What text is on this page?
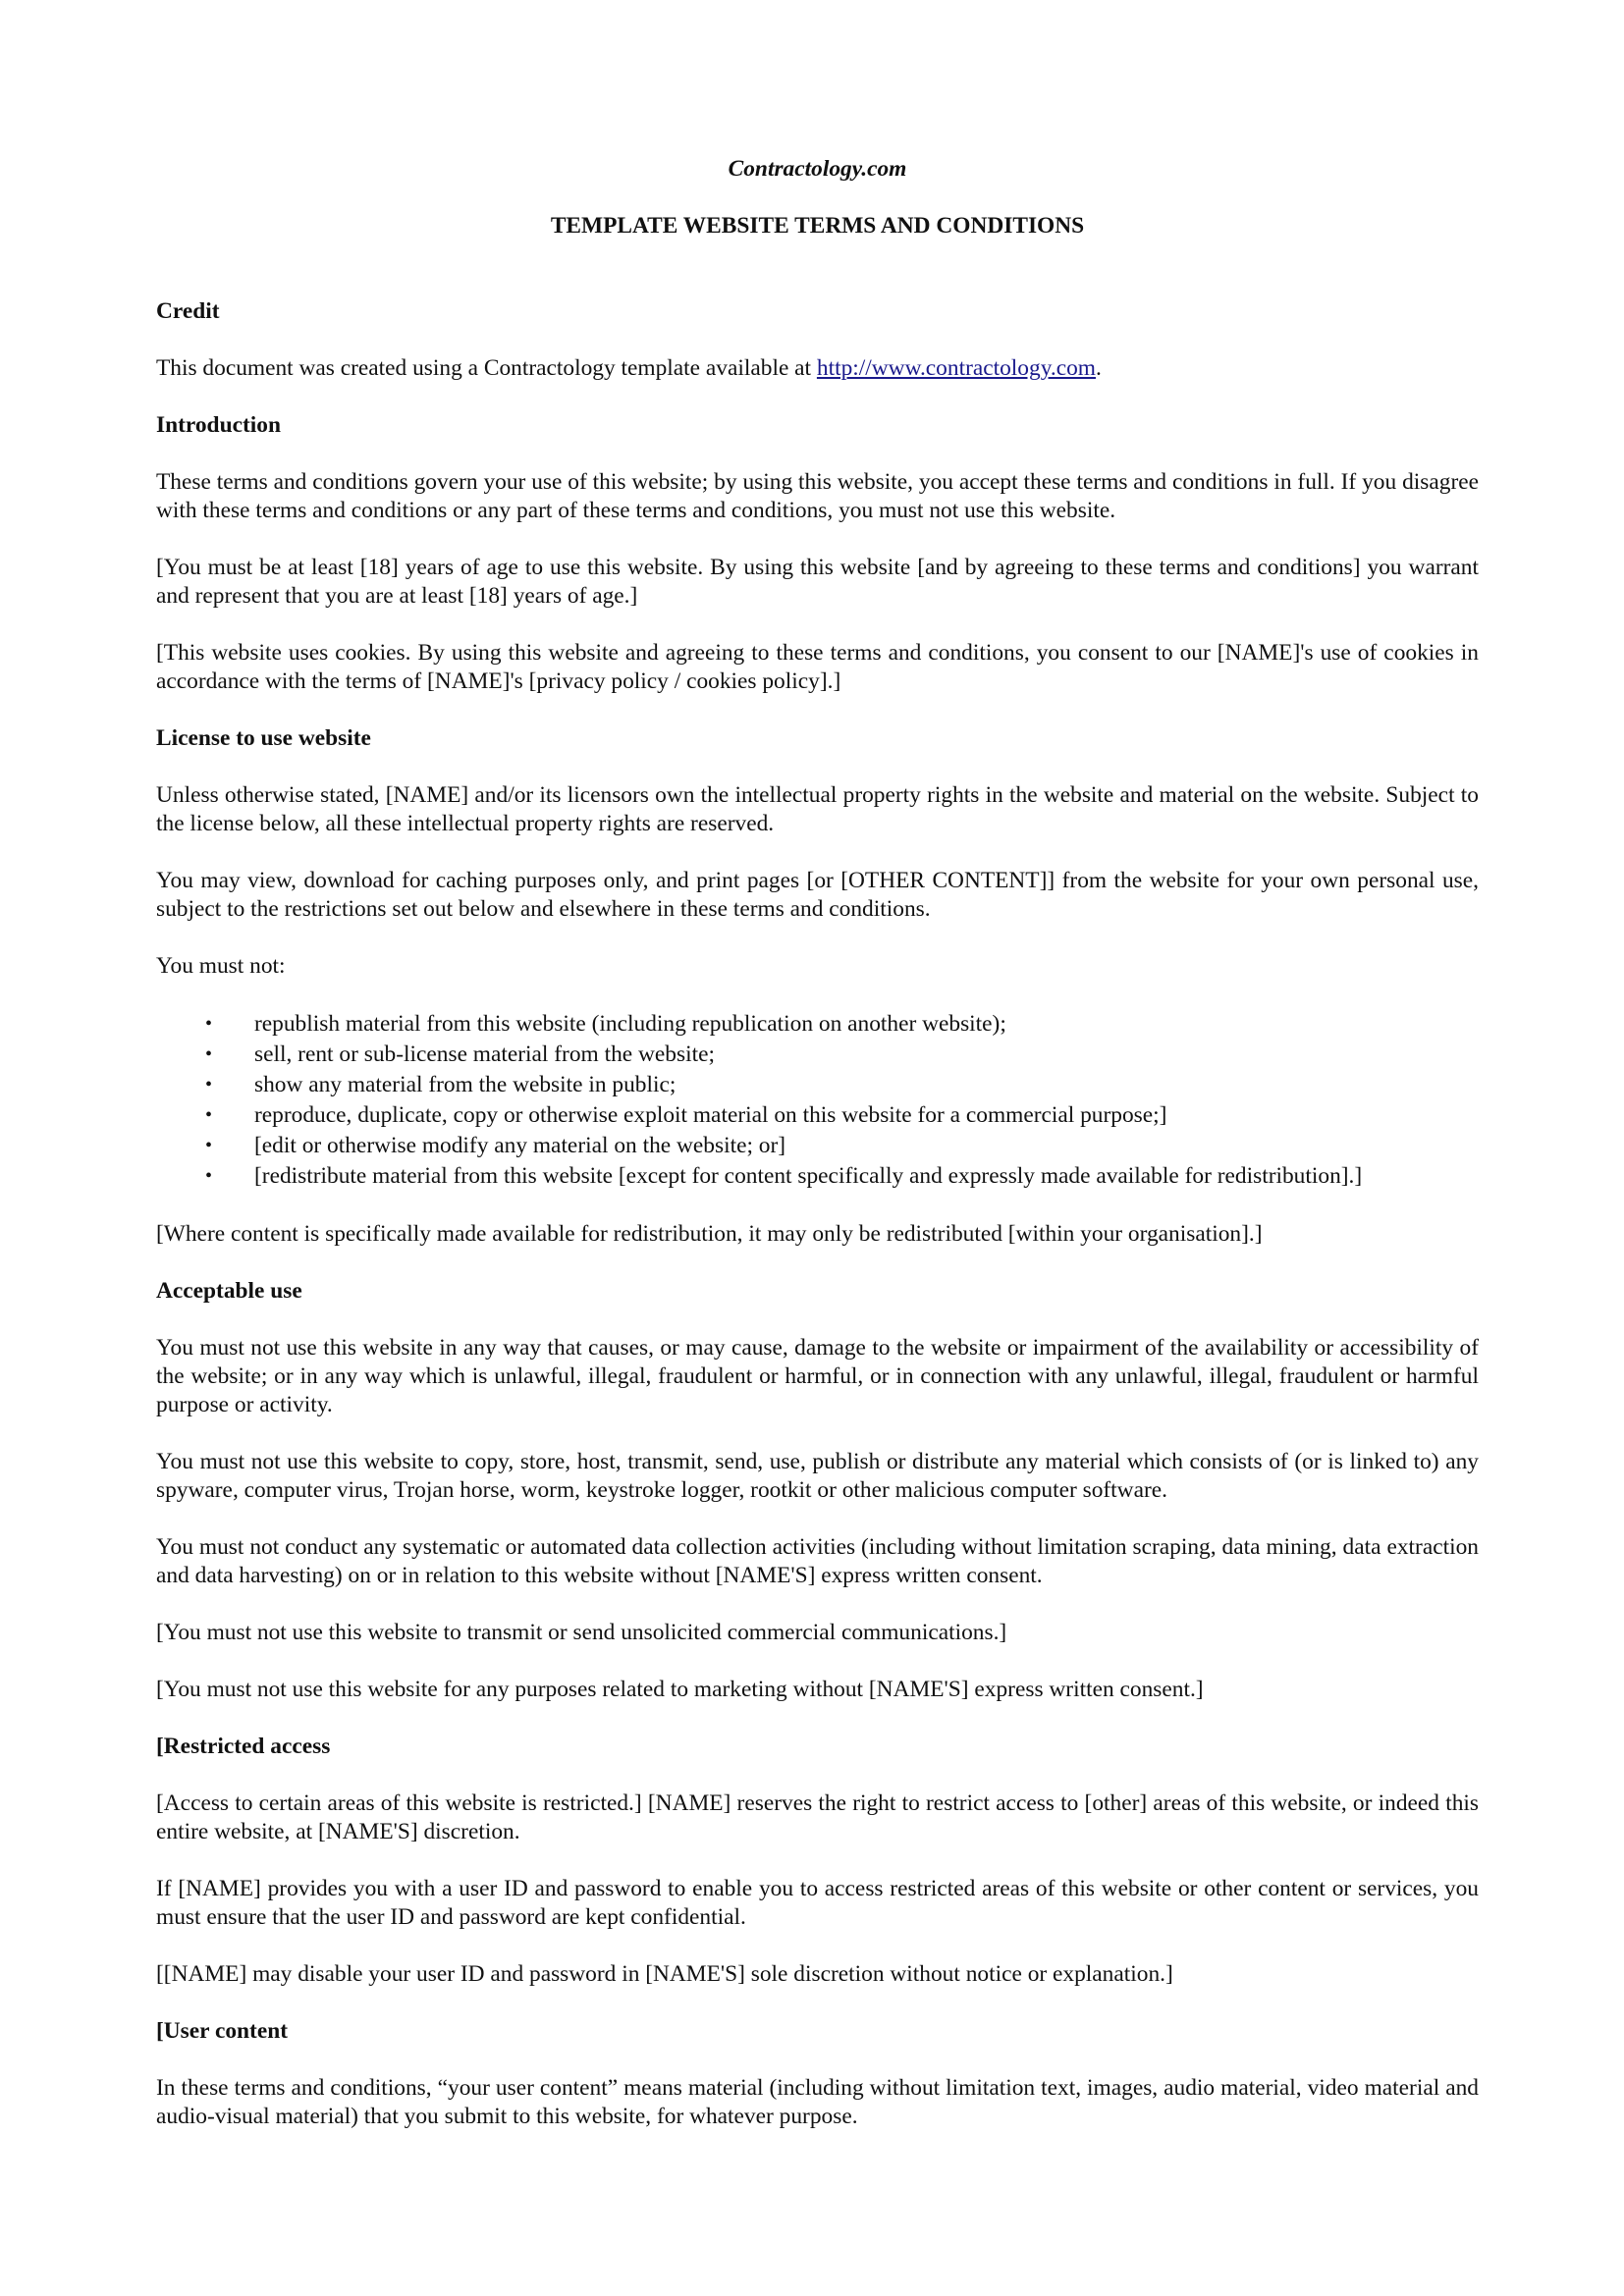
Contractology.com
TEMPLATE WEBSITE TERMS AND CONDITIONS
Credit

This document was created using a Contractology template available at http://www.contractology.com.

Introduction

These terms and conditions govern your use of this website; by using this website, you accept these terms and conditions in full. If you disagree with these terms and conditions or any part of these terms and conditions, you must not use this website.

[You must be at least [18] years of age to use this website. By using this website [and by agreeing to these terms and conditions] you warrant and represent that you are at least [18] years of age.]

[This website uses cookies. By using this website and agreeing to these terms and conditions, you consent to our [NAME]'s use of cookies in accordance with the terms of [NAME]'s [privacy policy / cookies policy].]

License to use website

Unless otherwise stated, [NAME] and/or its licensors own the intellectual property rights in the website and material on the website. Subject to the license below, all these intellectual property rights are reserved.

You may view, download for caching purposes only, and print pages [or [OTHER CONTENT]] from the website for your own personal use, subject to the restrictions set out below and elsewhere in these terms and conditions.

You must not:

• republish material from this website (including republication on another website);
• sell, rent or sub-license material from the website;
• show any material from the website in public;
• reproduce, duplicate, copy or otherwise exploit material on this website for a commercial purpose;]
• [edit or otherwise modify any material on the website; or]
• [redistribute material from this website [except for content specifically and expressly made available for redistribution].]

[Where content is specifically made available for redistribution, it may only be redistributed [within your organisation].]

Acceptable use

You must not use this website in any way that causes, or may cause, damage to the website or impairment of the availability or accessibility of the website; or in any way which is unlawful, illegal, fraudulent or harmful, or in connection with any unlawful, illegal, fraudulent or harmful purpose or activity.

You must not use this website to copy, store, host, transmit, send, use, publish or distribute any material which consists of (or is linked to) any spyware, computer virus, Trojan horse, worm, keystroke logger, rootkit or other malicious computer software.

You must not conduct any systematic or automated data collection activities (including without limitation scraping, data mining, data extraction and data harvesting) on or in relation to this website without [NAME'S] express written consent.

[You must not use this website to transmit or send unsolicited commercial communications.]

[You must not use this website for any purposes related to marketing without [NAME'S] express written consent.]

[Restricted access

[Access to certain areas of this website is restricted.] [NAME] reserves the right to restrict access to [other] areas of this website, or indeed this entire website, at [NAME'S] discretion.

If [NAME] provides you with a user ID and password to enable you to access restricted areas of this website or other content or services, you must ensure that the user ID and password are kept confidential.

[[NAME] may disable your user ID and password in [NAME'S] sole discretion without notice or explanation.]

[User content

In these terms and conditions, “your user content” means material (including without limitation text, images, audio material, video material and audio-visual material) that you submit to this website, for whatever purpose.
